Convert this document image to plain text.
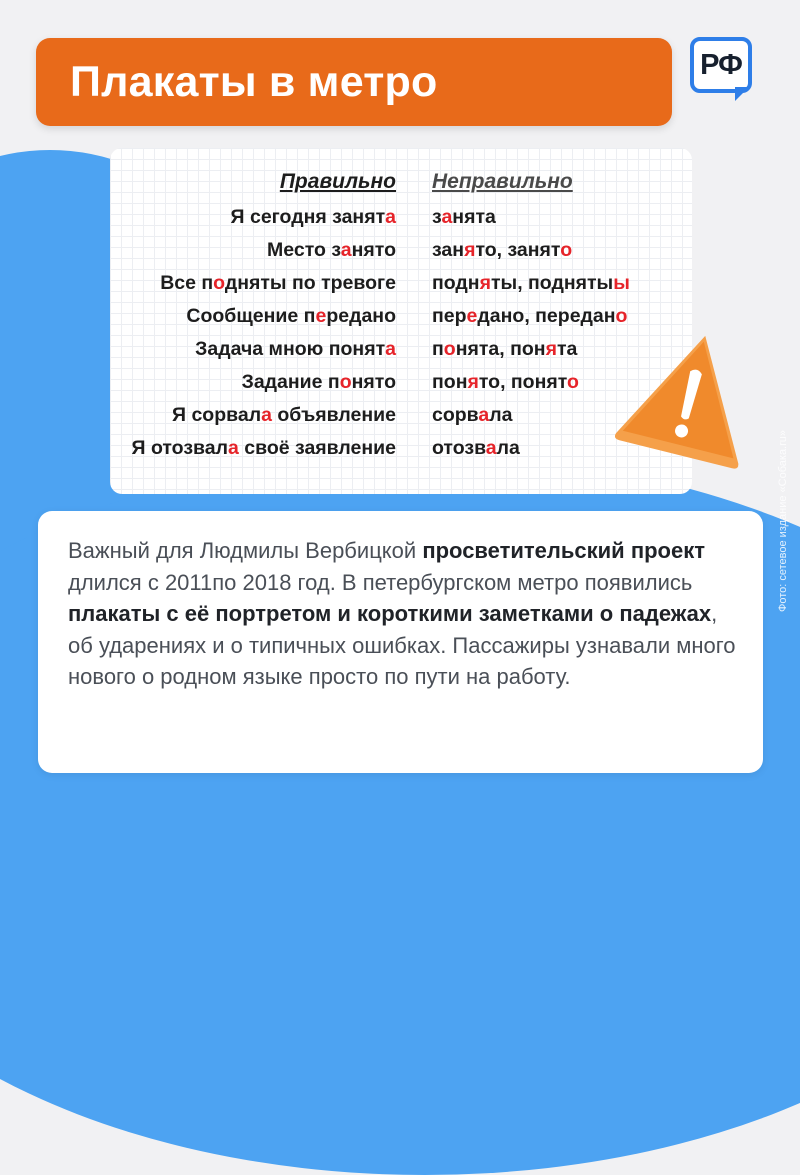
Плакаты в метро	РФ
Правильно Неправильно
Я сегодня занята занята
Место занято занято, занято
Все подняты по тревоге подняты, поднятыы
Сообщение передано передано, передано
Задача мною понята понята, понята
Задание понято понято, понято
Я сорвала объявление сорвала
Я отозвала своё заявление отозвала	Фото: сетевое издание «Собака.ru»
Важный для Людмилы Вербицкой просветительский проект длился с 2011по 2018 год. В петербургском метро появились плакаты с её портретом и короткими заметками о падежах, об ударениях и о типичных ошибках. Пассажиры узнавали много нового о родном языке просто по пути на работу.
